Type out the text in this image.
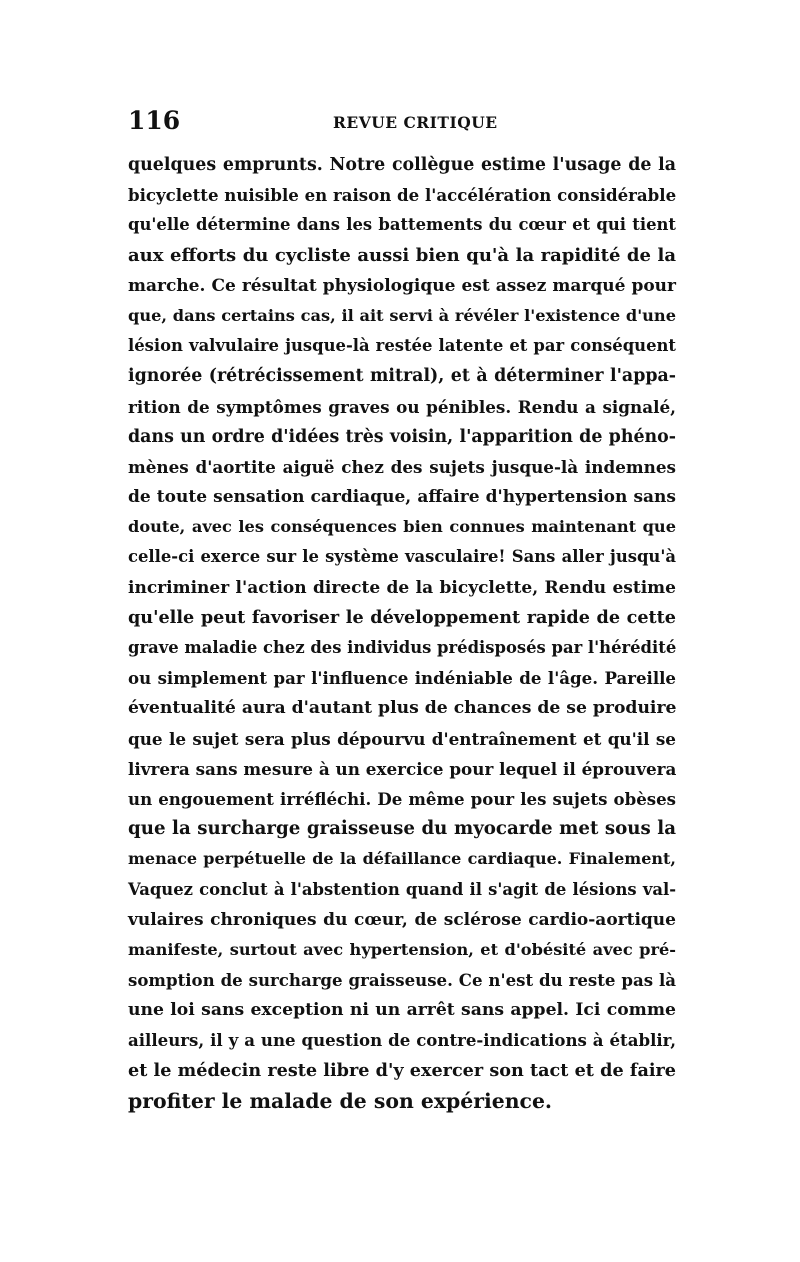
116	REVUE CRITIQUE
quelques emprunts. Notre collègue estime l'usage de la
bicyclette nuisible en raison de l'accélération considérable
qu'elle détermine dans les battements du cœur et qui tient
aux efforts du cycliste aussi bien qu'à la rapidité de la
marche. Ce résultat physiologique est assez marqué pour
que, dans certains cas, il ait servi à révéler l'existence d'une
lésion valvulaire jusque-là restée latente et par conséquent
ignorée (rétrécissement mitral), et à déterminer l'appa-
rition de symptômes graves ou pénibles. Rendu a signalé,
dans un ordre d'idées très voisin, l'apparition de phéno-
mènes d'aortite aiguë chez des sujets jusque-là indemnes
de toute sensation cardiaque, affaire d'hypertension sans
doute, avec les conséquences bien connues maintenant que
celle-ci exerce sur le système vasculaire! Sans aller jusqu'à
incriminer l'action directe de la bicyclette, Rendu estime
qu'elle peut favoriser le développement rapide de cette
grave maladie chez des individus prédisposés par l'hérédité
ou simplement par l'influence indéniable de l'âge. Pareille
éventualité aura d'autant plus de chances de se produire
que le sujet sera plus dépourvu d'entraînement et qu'il se
livrera sans mesure à un exercice pour lequel il éprouvera
un engouement irréfléchi. De même pour les sujets obèses
que la surcharge graisseuse du myocarde met sous la
menace perpétuelle de la défaillance cardiaque. Finalement,
Vaquez conclut à l'abstention quand il s'agit de lésions val-
vulaires chroniques du cœur, de sclérose cardio-aortique
manifeste, surtout avec hypertension, et d'obésité avec pré-
somption de surcharge graisseuse. Ce n'est du reste pas là
une loi sans exception ni un arrêt sans appel. Ici comme
ailleurs, il y a une question de contre-indications à établir,
et le médecin reste libre d'y exercer son tact et de faire
profiter le malade de son expérience.
